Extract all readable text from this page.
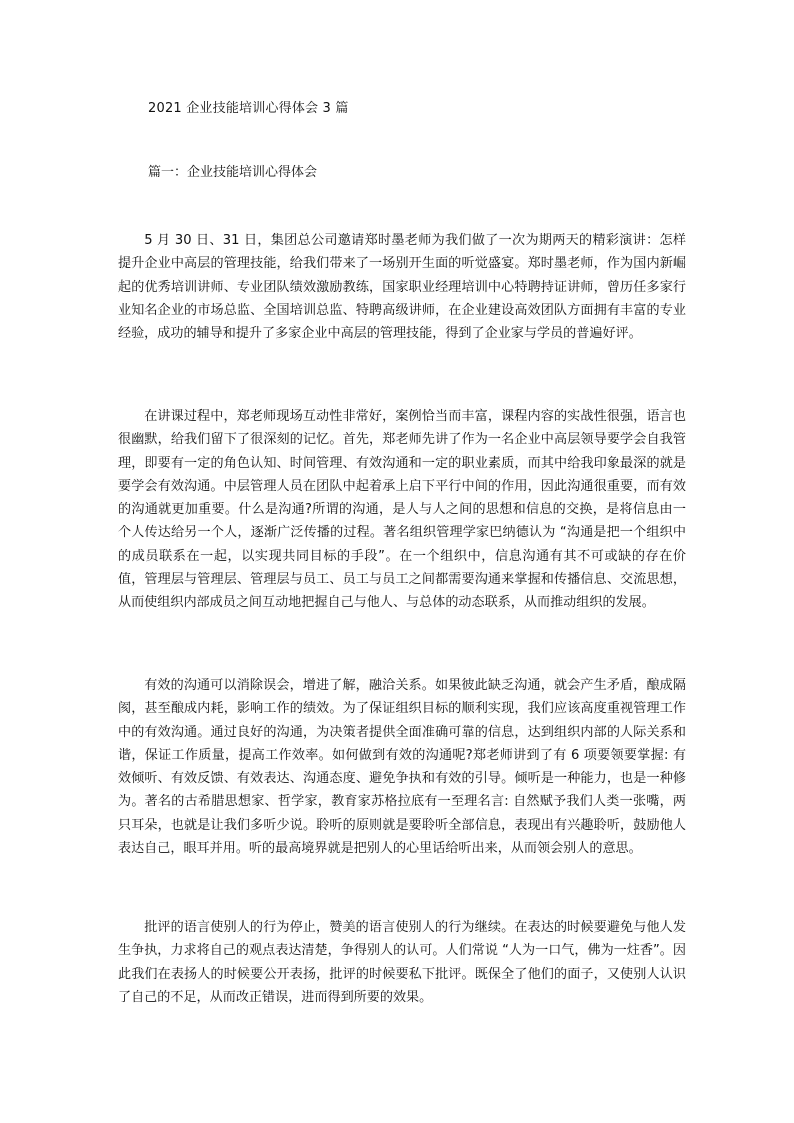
2021 企业技能培训心得体会 3 篇
篇一：企业技能培训心得体会

5 月 30 日、31 日，集团总公司邀请郑时墨老师为我们做了一次为期两天的精彩演讲：怎样提升企业中高层的管理技能，给我们带来了一场别开生面的听觉盛宴。郑时墨老师，作为国内新崛起的优秀培训讲师、专业团队绩效激励教练，国家职业经理培训中心特聘持证讲师，曾历任多家行业知名企业的市场总监、全国培训总监、特聘高级讲师，在企业建设高效团队方面拥有丰富的专业经验，成功的辅导和提升了多家企业中高层的管理技能，得到了企业家与学员的普遍好评。

在讲课过程中，郑老师现场互动性非常好，案例恰当而丰富，课程内容的实战性很强，语言也很幽默，给我们留下了很深刻的记忆。首先，郑老师先讲了作为一名企业中高层领导要学会自我管理，即要有一定的角色认知、时间管理、有效沟通和一定的职业素质，而其中给我印象最深的就是要学会有效沟通。中层管理人员在团队中起着承上启下平行中间的作用，因此沟通很重要，而有效的沟通就更加重要。什么是沟通?所谓的沟通，是人与人之间的思想和信息的交换，是将信息由一个人传达给另一个人，逐渐广泛传播的过程。著名组织管理学家巴纳德认为 “沟通是把一个组织中的成员联系在一起，以实现共同目标的手段”。在一个组织中，信息沟通有其不可或缺的存在价值，管理层与管理层、管理层与员工、员工与员工之间都需要沟通来掌握和传播信息、交流思想，从而使组织内部成员之间互动地把握自己与他人、与总体的动态联系，从而推动组织的发展。

有效的沟通可以消除误会，增进了解，融洽关系。如果彼此缺乏沟通，就会产生矛盾，酿成隔阂，甚至酿成内耗，影响工作的绩效。为了保证组织目标的顺利实现，我们应该高度重视管理工作中的有效沟通。通过良好的沟通，为决策者提供全面准确可靠的信息，达到组织内部的人际关系和谐，保证工作质量，提高工作效率。如何做到有效的沟通呢?郑老师讲到了有 6 项要领要掌握: 有效倾听、有效反馈、有效表达、沟通态度、避免争执和有效的引导。倾听是一种能力，也是一种修为。著名的古希腊思想家、哲学家，教育家苏格拉底有一至理名言: 自然赋予我们人类一张嘴，两只耳朵，也就是让我们多听少说。聆听的原则就是要聆听全部信息，表现出有兴趣聆听，鼓励他人表达自己，眼耳并用。听的最高境界就是把别人的心里话给听出来，从而领会别人的意思。

批评的语言使别人的行为停止，赞美的语言使别人的行为继续。在表达的时候要避免与他人发生争执，力求将自己的观点表达清楚，争得别人的认可。人们常说 “人为一口气，佛为一炷香”。因此我们在表扬人的时候要公开表扬，批评的时候要私下批评。既保全了他们的面子，又使别人认识了自己的不足，从而改正错误，进而得到所要的效果。
